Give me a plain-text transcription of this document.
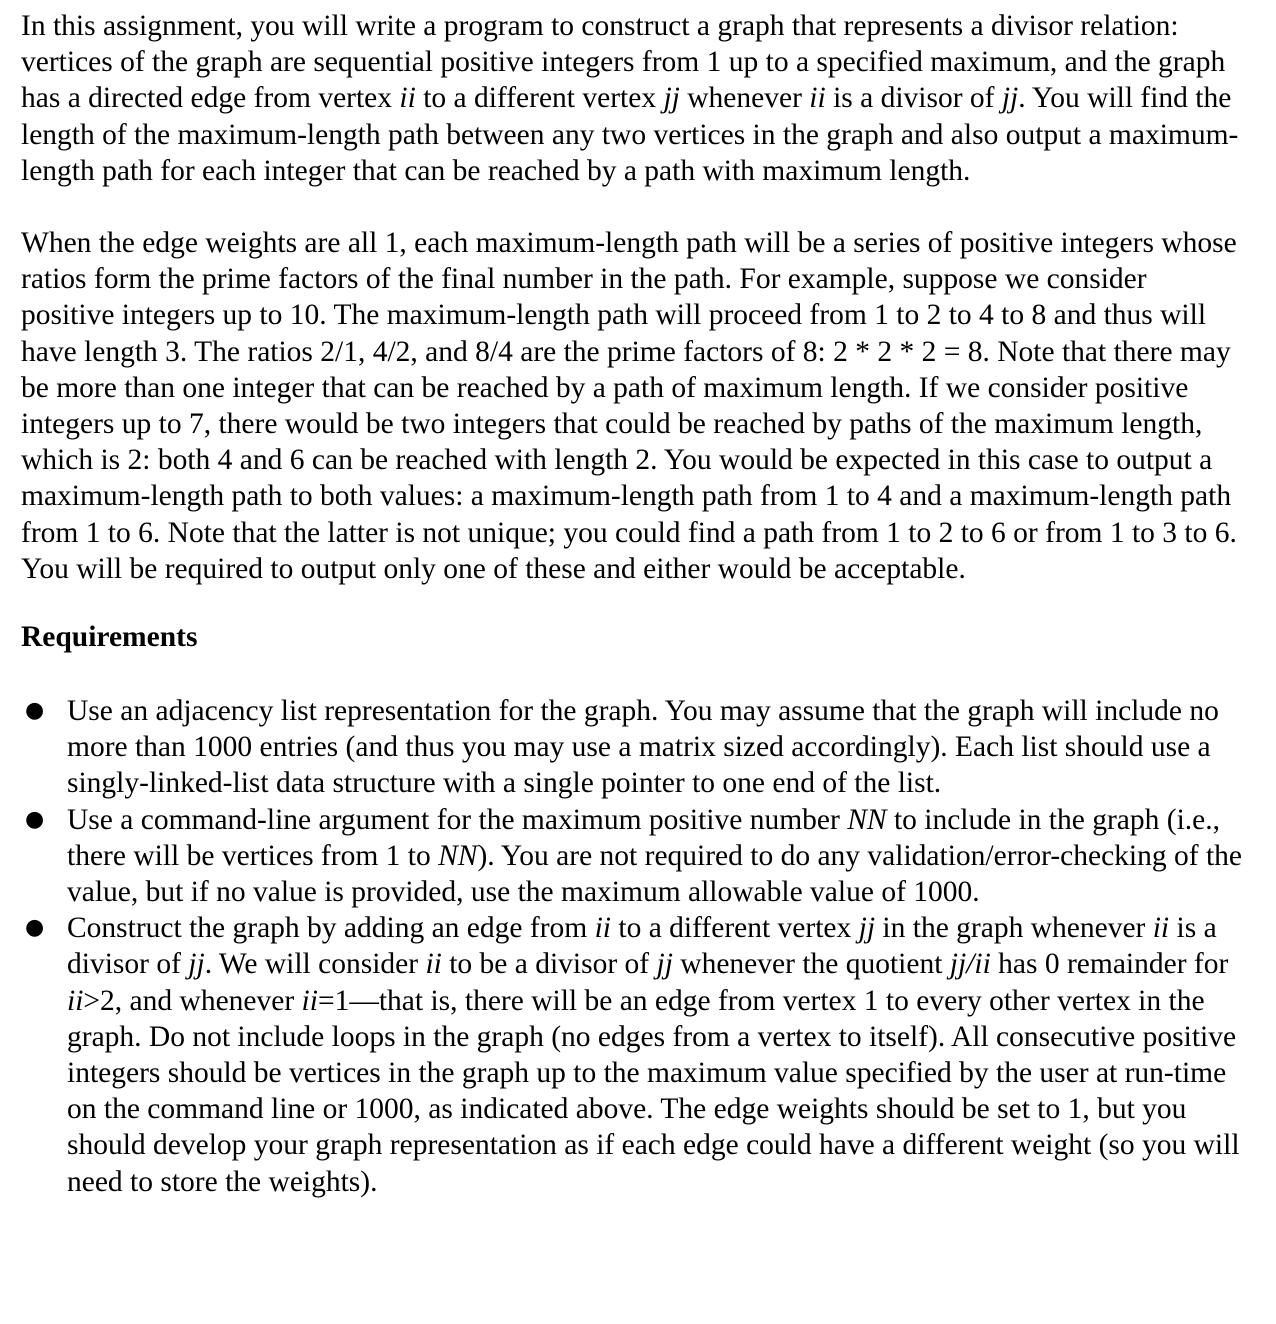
In this assignment, you will write a program to construct a graph that represents a divisor relation: vertices of the graph are sequential positive integers from 1 up to a specified maximum, and the graph has a directed edge from vertex ii to a different vertex jj whenever ii is a divisor of jj. You will find the length of the maximum-length path between any two vertices in the graph and also output a maximum-length path for each integer that can be reached by a path with maximum length.

When the edge weights are all 1, each maximum-length path will be a series of positive integers whose ratios form the prime factors of the final number in the path. For example, suppose we consider positive integers up to 10. The maximum-length path will proceed from 1 to 2 to 4 to 8 and thus will have length 3. The ratios 2/1, 4/2, and 8/4 are the prime factors of 8: 2 * 2 * 2 = 8. Note that there may be more than one integer that can be reached by a path of maximum length. If we consider positive integers up to 7, there would be two integers that could be reached by paths of the maximum length, which is 2: both 4 and 6 can be reached with length 2. You would be expected in this case to output a maximum-length path to both values: a maximum-length path from 1 to 4 and a maximum-length path from 1 to 6. Note that the latter is not unique; you could find a path from 1 to 2 to 6 or from 1 to 3 to 6. You will be required to output only one of these and either would be acceptable.

Requirements
● Use an adjacency list representation for the graph. You may assume that the graph will include no more than 1000 entries (and thus you may use a matrix sized accordingly). Each list should use a singly-linked-list data structure with a single pointer to one end of the list.
● Use a command-line argument for the maximum positive number NN to include in the graph (i.e., there will be vertices from 1 to NN). You are not required to do any validation/error-checking of the value, but if no value is provided, use the maximum allowable value of 1000.
● Construct the graph by adding an edge from ii to a different vertex jj in the graph whenever ii is a divisor of jj. We will consider ii to be a divisor of jj whenever the quotient jj/ii has 0 remainder for ii>2, and whenever ii=1—that is, there will be an edge from vertex 1 to every other vertex in the graph. Do not include loops in the graph (no edges from a vertex to itself). All consecutive positive integers should be vertices in the graph up to the maximum value specified by the user at run-time on the command line or 1000, as indicated above. The edge weights should be set to 1, but you should develop your graph representation as if each edge could have a different weight (so you will need to store the weights).
